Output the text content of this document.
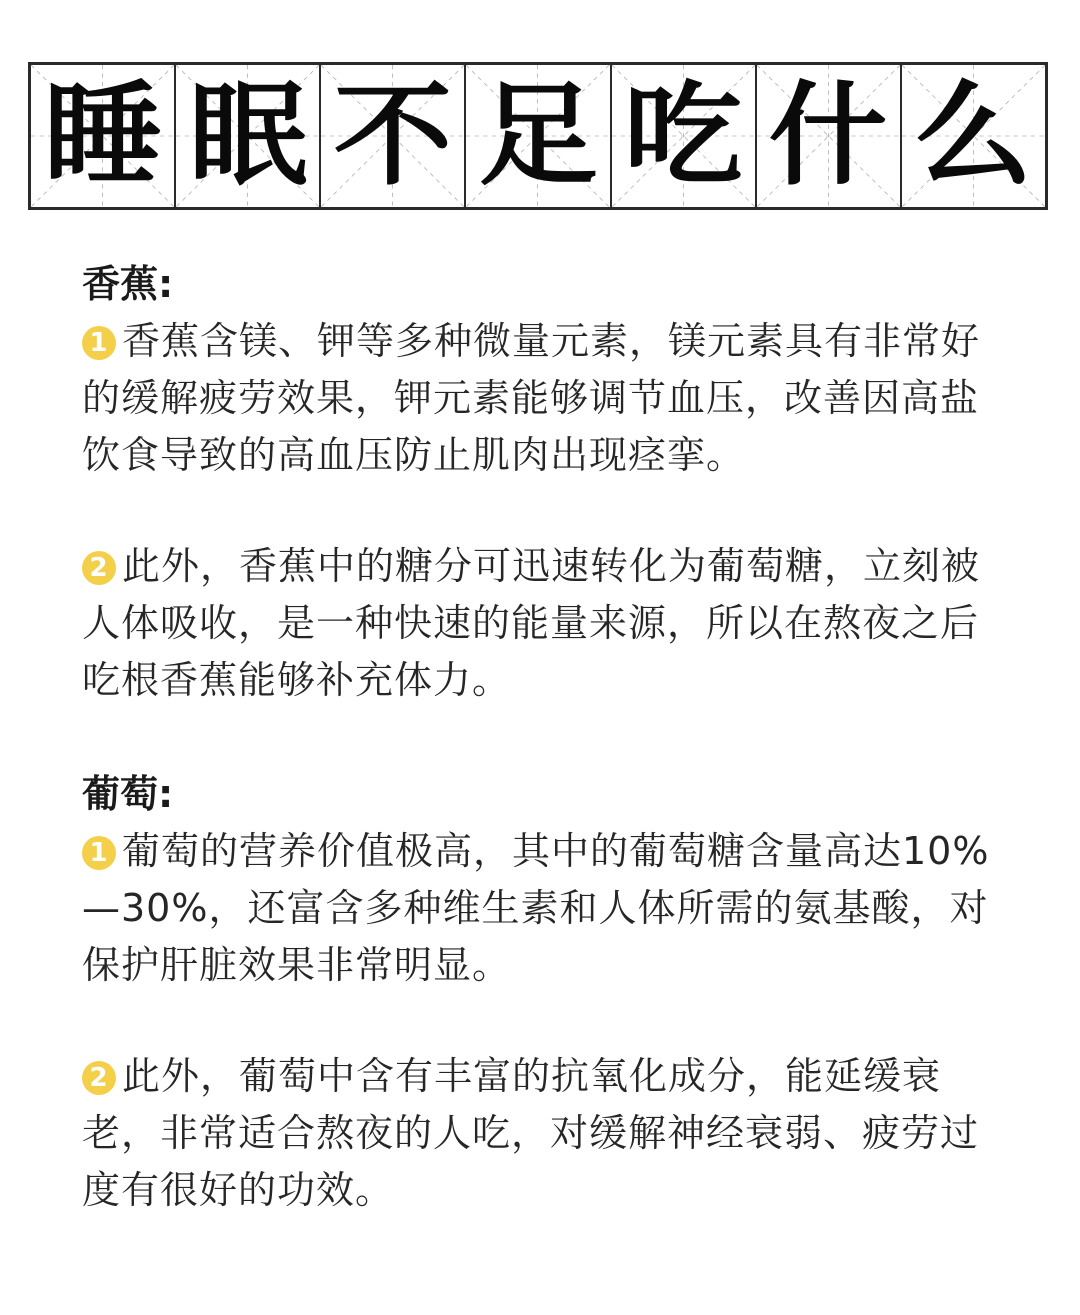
睡 眠 不 足 吃 什 么
香蕉:
1 香蕉含镁、钾等多种微量元素，镁元素具有非常好的缓解疲劳效果，钾元素能够调节血压，改善因高盐饮食导致的高血压防止肌肉出现痉挛。
2 此外，香蕉中的糖分可迅速转化为葡萄糖，立刻被人体吸收，是一种快速的能量来源，所以在熬夜之后吃根香蕉能够补充体力。
葡萄:
1 葡萄的营养价值极高，其中的葡萄糖含量高达10%—30%，还富含多种维生素和人体所需的氨基酸，对保护肝脏效果非常明显。
2 此外，葡萄中含有丰富的抗氧化成分，能延缓衰老，非常适合熬夜的人吃，对缓解神经衰弱、疲劳过度有很好的功效。
